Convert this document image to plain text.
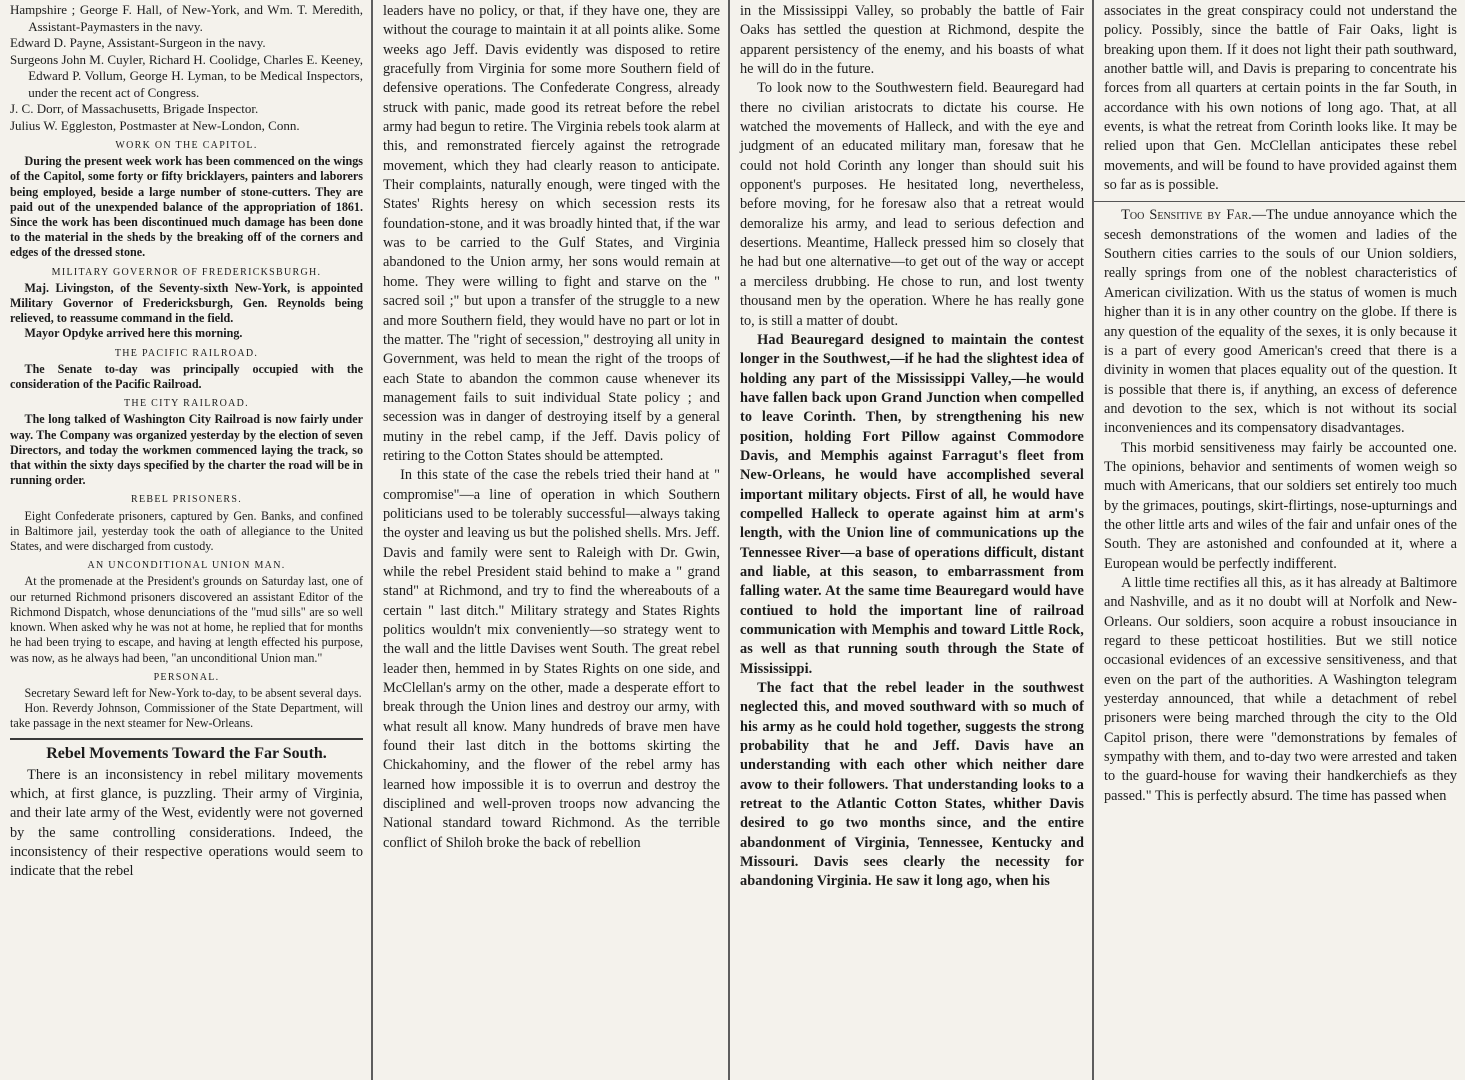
Hampshire ; George F. Hall, of New-York, and Wm. T. Meredith, Assistant-Paymasters in the navy.

Edward D. Payne, Assistant-Surgeon in the navy.

Surgeons John M. Cuyler, Richard H. Coolidge, Charles E. Keeney, Edward P. Vollum, George H. Lyman, to be Medical Inspectors, under the recent act of Congress.

J. C. Dorr, of Massachusetts, Brigade Inspector.

Julius W. Eggleston, Postmaster at New-London, Conn.

WORK ON THE CAPITOL.

During the present week work has been commenced on the wings of the Capitol, some forty or fifty bricklayers, painters and laborers being employed, beside a large number of stone-cutters. They are paid out of the unexpended balance of the appropriation of 1861. Since the work has been discontinued much damage has been done to the material in the sheds by the breaking off of the corners and edges of the dressed stone.

MILITARY GOVERNOR OF FREDERICKSBURGH.

Maj. Livingston, of the Seventy-sixth New-York, is appointed Military Governor of Fredericksburgh, Gen. Reynolds being relieved, to reassume command in the field.

Mayor Opdyke arrived here this morning.

THE PACIFIC RAILROAD.

The Senate to-day was principally occupied with the consideration of the Pacific Railroad.

THE CITY RAILROAD.

The long talked of Washington City Railroad is now fairly under way. The Company was organized yesterday by the election of seven Directors, and today the workmen commenced laying the track, so that within the sixty days specified by the charter the road will be in running order.

REBEL PRISONERS.

Eight Confederate prisoners, captured by Gen. Banks, and confined in Baltimore jail, yesterday took the oath of allegiance to the United States, and were discharged from custody.

AN UNCONDITIONAL UNION MAN.

At the promenade at the President's grounds on Saturday last, one of our returned Richmond prisoners discovered an assistant Editor of the Richmond Dispatch, whose denunciations of the "mud sills" are so well known. When asked why he was not at home, he replied that for months he had been trying to escape, and having at length effected his purpose, was now, as he always had been, "an unconditional Union man."

PERSONAL.

Secretary Seward left for New-York to-day, to be absent several days.

Hon. Reverdy Johnson, Commissioner of the State Department, will take passage in the next steamer for New-Orleans.

Rebel Movements Toward the Far South.

There is an inconsistency in rebel military movements which, at first glance, is puzzling. Their army of Virginia, and their late army of the West, evidently were not governed by the same controlling considerations. Indeed, the inconsistency of their respective operations would seem to indicate that the rebel

leaders have no policy, or that, if they have one, they are without the courage to maintain it at all points alike. Some weeks ago Jeff. Davis evidently was disposed to retire gracefully from Virginia for some more Southern field of defensive operations. The Confederate Congress, already struck with panic, made good its retreat before the rebel army had begun to retire. The Virginia rebels took alarm at this, and remonstrated fiercely against the retrograde movement, which they had clearly reason to anticipate. Their complaints, naturally enough, were tinged with the States' Rights heresy on which secession rests its foundation-stone, and it was broadly hinted that, if the war was to be carried to the Gulf States, and Virginia abandoned to the Union army, her sons would remain at home. They were willing to fight and starve on the " sacred soil ;" but upon a transfer of the struggle to a new and more Southern field, they would have no part or lot in the matter. The "right of secession," destroying all unity in Government, was held to mean the right of the troops of each State to abandon the common cause whenever its management fails to suit individual State policy ; and secession was in danger of destroying itself by a general mutiny in the rebel camp, if the Jeff. Davis policy of retiring to the Cotton States should be attempted.

In this state of the case the rebels tried their hand at " compromise"—a line of operation in which Southern politicians used to be tolerably successful—always taking the oyster and leaving us but the polished shells. Mrs. Jeff. Davis and family were sent to Raleigh with Dr. Gwin, while the rebel President staid behind to make a " grand stand" at Richmond, and try to find the whereabouts of a certain " last ditch." Military strategy and States Rights politics wouldn't mix conveniently—so strategy went to the wall and the little Davises went South. The great rebel leader then, hemmed in by States Rights on one side, and McClellan's army on the other, made a desperate effort to break through the Union lines and destroy our army, with what result all know. Many hundreds of brave men have found their last ditch in the bottoms skirting the Chickahominy, and the flower of the rebel army has learned how impossible it is to overrun and destroy the disciplined and well-proven troops now advancing the National standard toward Richmond. As the terrible conflict of Shiloh broke the back of rebellion

in the Mississippi Valley, so probably the battle of Fair Oaks has settled the question at Richmond, despite the apparent persistency of the enemy, and his boasts of what he will do in the future.

To look now to the Southwestern field. Beauregard had there no civilian aristocrats to dictate his course. He watched the movements of Halleck, and with the eye and judgment of an educated military man, foresaw that he could not hold Corinth any longer than should suit his opponent's purposes. He hesitated long, nevertheless, before moving, for he foresaw also that a retreat would demoralize his army, and lead to serious defection and desertions. Meantime, Halleck pressed him so closely that he had but one alternative—to get out of the way or accept a merciless drubbing. He chose to run, and lost twenty thousand men by the operation. Where he has really gone to, is still a matter of doubt.

Had Beauregard designed to maintain the contest longer in the Southwest,—if he had the slightest idea of holding any part of the Mississippi Valley,—he would have fallen back upon Grand Junction when compelled to leave Corinth. Then, by strengthening his new position, holding Fort Pillow against Commodore Davis, and Memphis against Farragut's fleet from New-Orleans, he would have accomplished several important military objects. First of all, he would have compelled Halleck to operate against him at arm's length, with the Union line of communications up the Tennessee River—a base of operations difficult, distant and liable, at this season, to embarrassment from falling water. At the same time Beauregard would have contiued to hold the important line of railroad communication with Memphis and toward Little Rock, as well as that running south through the State of Mississippi.

The fact that the rebel leader in the southwest neglected this, and moved southward with so much of his army as he could hold together, suggests the strong probability that he and Jeff. Davis have an understanding with each other which neither dare avow to their followers. That understanding looks to a retreat to the Atlantic Cotton States, whither Davis desired to go two months since, and the entire abandonment of Virginia, Tennessee, Kentucky and Missouri. Davis sees clearly the necessity for abandoning Virginia. He saw it long ago, when his

associates in the great conspiracy could not understand the policy. Possibly, since the battle of Fair Oaks, light is breaking upon them. If it does not light their path southward, another battle will, and Davis is preparing to concentrate his forces from all quarters at certain points in the far South, in accordance with his own notions of long ago. That, at all events, is what the retreat from Corinth looks like. It may be relied upon that Gen. McClellan anticipates these rebel movements, and will be found to have provided against them so far as is possible.

Too Sensitive by Far.—The undue annoyance which the secesh demonstrations of the women and ladies of the Southern cities carries to the souls of our Union soldiers, really springs from one of the noblest characteristics of American civilization. With us the status of women is much higher than it is in any other country on the globe. If there is any question of the equality of the sexes, it is only because it is a part of every good American's creed that there is a divinity in women that places equality out of the question. It is possible that there is, if anything, an excess of deference and devotion to the sex, which is not without its social inconveniences and its compensatory disadvantages.

This morbid sensitiveness may fairly be accounted one. The opinions, behavior and sentiments of women weigh so much with Americans, that our soldiers set entirely too much by the grimaces, poutings, skirt-flirtings, nose-upturnings and the other little arts and wiles of the fair and unfair ones of the South. They are astonished and confounded at it, where a European would be perfectly indifferent.

A little time rectifies all this, as it has already at Baltimore and Nashville, and as it no doubt will at Norfolk and New-Orleans. Our soldiers, soon acquire a robust insouciance in regard to these petticoat hostilities. But we still notice occasional evidences of an excessive sensitiveness, and that even on the part of the authorities. A Washington telegram yesterday announced, that while a detachment of rebel prisoners were being marched through the city to the Old Capitol prison, there were "demonstrations by females of sympathy with them, and to-day two were arrested and taken to the guard-house for waving their handkerchiefs as they passed." This is perfectly absurd. The time has passed when
